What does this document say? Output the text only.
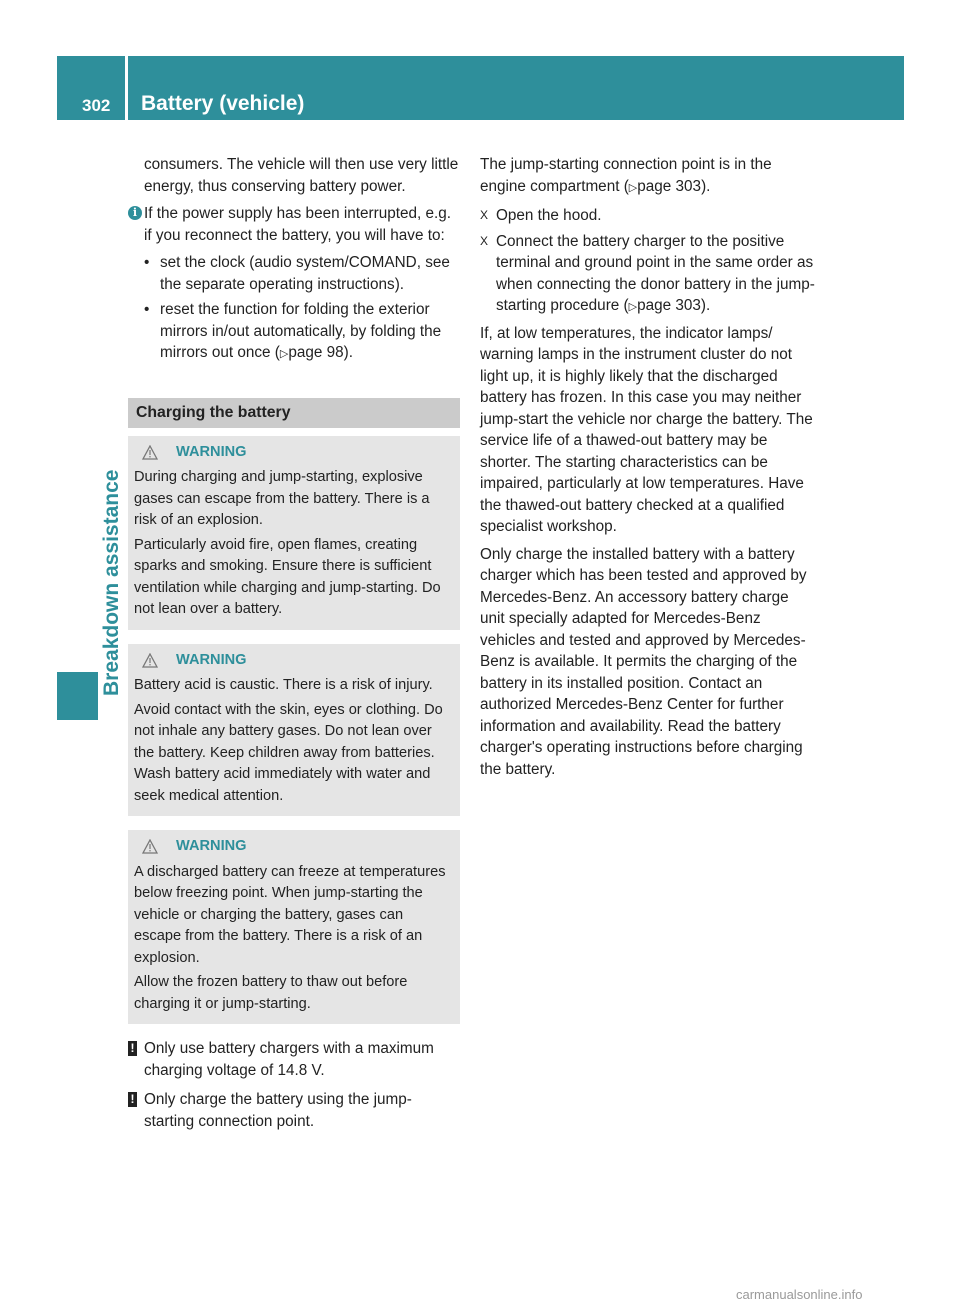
302 Battery (vehicle)
Breakdown assistance

consumers. The vehicle will then use very little energy, thus conserving battery power.

i If the power supply has been interrupted, e.g. if you reconnect the battery, you will have to:
• set the clock (audio system/COMAND, see the separate operating instructions).
• reset the function for folding the exterior mirrors in/out automatically, by folding the mirrors out once (▷page 98).
Charging the battery
WARNING

During charging and jump-starting, explosive gases can escape from the battery. There is a risk of an explosion.

Particularly avoid fire, open flames, creating sparks and smoking. Ensure there is sufficient ventilation while charging and jump-starting. Do not lean over a battery.

WARNING

Battery acid is caustic. There is a risk of injury.

Avoid contact with the skin, eyes or clothing. Do not inhale any battery gases. Do not lean over the battery. Keep children away from batteries. Wash battery acid immediately with water and seek medical attention.

WARNING

A discharged battery can freeze at temperatures below freezing point. When jump-starting the vehicle or charging the battery, gases can escape from the battery. There is a risk of an explosion.

Allow the frozen battery to thaw out before charging it or jump-starting.

! Only use battery chargers with a maximum charging voltage of 14.8 V.
! Only charge the battery using the jump-starting connection point.

The jump-starting connection point is in the engine compartment (▷page 303).

X Open the hood.
X Connect the battery charger to the positive terminal and ground point in the same order as when connecting the donor battery in the jump-starting procedure (▷page 303).

If, at low temperatures, the indicator lamps/ warning lamps in the instrument cluster do not light up, it is highly likely that the discharged battery has frozen. In this case you may neither jump-start the vehicle nor charge the battery. The service life of a thawed-out battery may be shorter. The starting characteristics can be impaired, particularly at low temperatures. Have the thawed-out battery checked at a qualified specialist workshop.

Only charge the installed battery with a battery charger which has been tested and approved by Mercedes-Benz. An accessory battery charge unit specially adapted for Mercedes-Benz vehicles and tested and approved by Mercedes-Benz is available. It permits the charging of the battery in its installed position. Contact an authorized Mercedes-Benz Center for further information and availability. Read the battery charger's operating instructions before charging the battery.

carmanualsonline.info
